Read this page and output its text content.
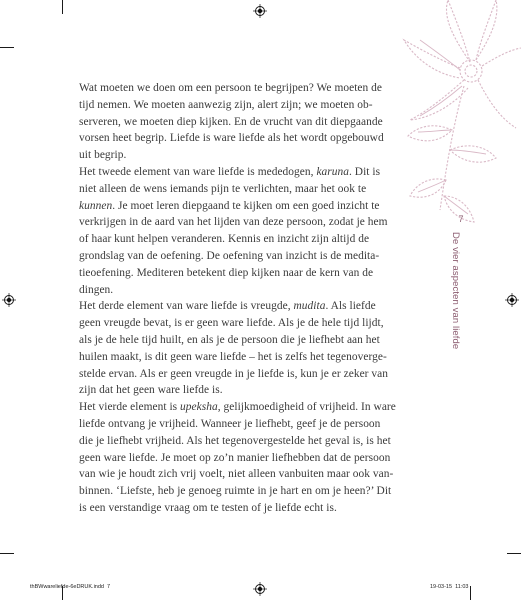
Wat moeten we doen om een persoon te begrijpen? We moeten de
tijd nemen. We moeten aanwezig zijn, alert zijn; we moeten ob-
serveren, we moeten diep kijken. En de vrucht van dit diepgaande
vorsen heet begrip. Liefde is ware liefde als het wordt opgebouwd
uit begrip.
Het tweede element van ware liefde is mededogen, karuna. Dit is
niet alleen de wens iemands pijn te verlichten, maar het ook te
kunnen. Je moet leren diepgaand te kijken om een goed inzicht te
verkrijgen in de aard van het lijden van deze persoon, zodat je hem
of haar kunt helpen veranderen. Kennis en inzicht zijn altijd de
grondslag van de oefening. De oefening van inzicht is de medita-
tieoefening. Mediteren betekent diep kijken naar de kern van de
dingen.
Het derde element van ware liefde is vreugde, mudita. Als liefde
geen vreugde bevat, is er geen ware liefde. Als je de hele tijd lijdt,
als je de hele tijd huilt, en als je de persoon die je liefhebt aan het
huilen maakt, is dit geen ware liefde – het is zelfs het tegenoverge-
stelde ervan. Als er geen vreugde in je liefde is, kun je er zeker van
zijn dat het geen ware liefde is.
Het vierde element is upeksha, gelijkmoedigheid of vrijheid. In ware
liefde ontvang je vrijheid. Wanneer je liefhebt, geef je de persoon
die je liefhebt vrijheid. Als het tegenovergestelde het geval is, is het
geen ware liefde. Je moet op zo’n manier liefhebben dat de persoon
van wie je houdt zich vrij voelt, niet alleen vanbuiten maar ook van-
binnen. ‘Liefste, heb je genoeg ruimte in je hart en om je heen?’ Dit
is een verstandige vraag om te testen of je liefde echt is.
7
De vier aspecten van liefde
thBWwareliefde-6eDRUK.indd 7	19-03-15 11:03
